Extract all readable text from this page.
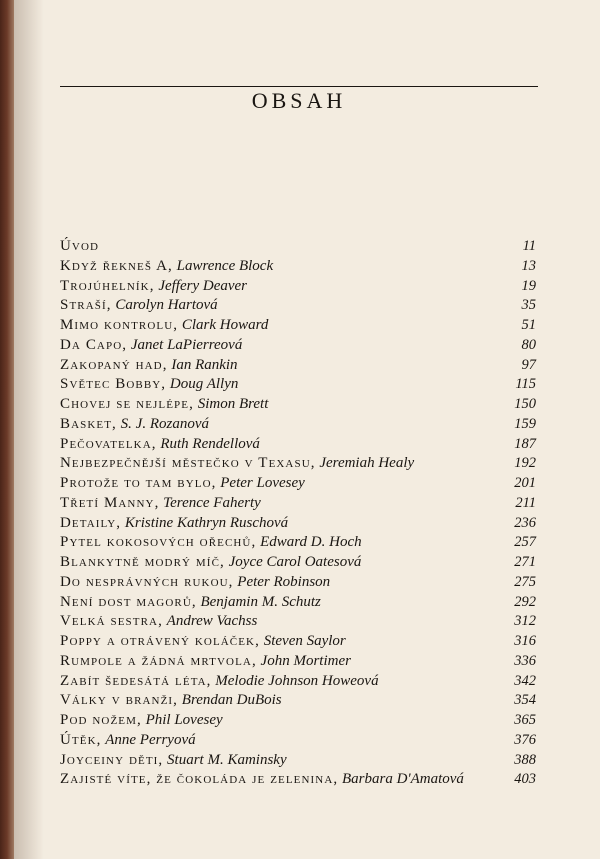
OBSAH
Úvod	11
Když řekneš A, Lawrence Block	13
Trojúhelník, Jeffery Deaver	19
Straší, Carolyn Hartová	35
Mimo kontrolu, Clark Howard	51
Da Capo, Janet LaPierreová	80
Zakopaný had, Ian Rankin	97
Světec Bobby, Doug Allyn	115
Chovej se nejlépe, Simon Brett	150
Basket, S. J. Rozanová	159
Pečovatelka, Ruth Rendellová	187
Nejbezpečnější městečko v Texasu, Jeremiah Healy	192
Protože to tam bylo, Peter Lovesey	201
Třetí Manny, Terence Faherty	211
Detaily, Kristine Kathryn Ruschová	236
Pytel kokosových ořechů, Edward D. Hoch	257
Blankytně modrý míč, Joyce Carol Oatesová	271
Do nesprávných rukou, Peter Robinson	275
Není dost magorů, Benjamin M. Schutz	292
Velká sestra, Andrew Vachss	312
Poppy a otrávený koláček, Steven Saylor	316
Rumpole a žádná mrtvola, John Mortimer	336
Zabít šedesátá léta, Melodie Johnson Howeová	342
Války v branži, Brendan DuBois	354
Pod nožem, Phil Lovesey	365
Útěk, Anne Perryová	376
Joyceiny děti, Stuart M. Kaminsky	388
Zajisté víte, že čokoláda je zelenina, Barbara D'Amatová	403
